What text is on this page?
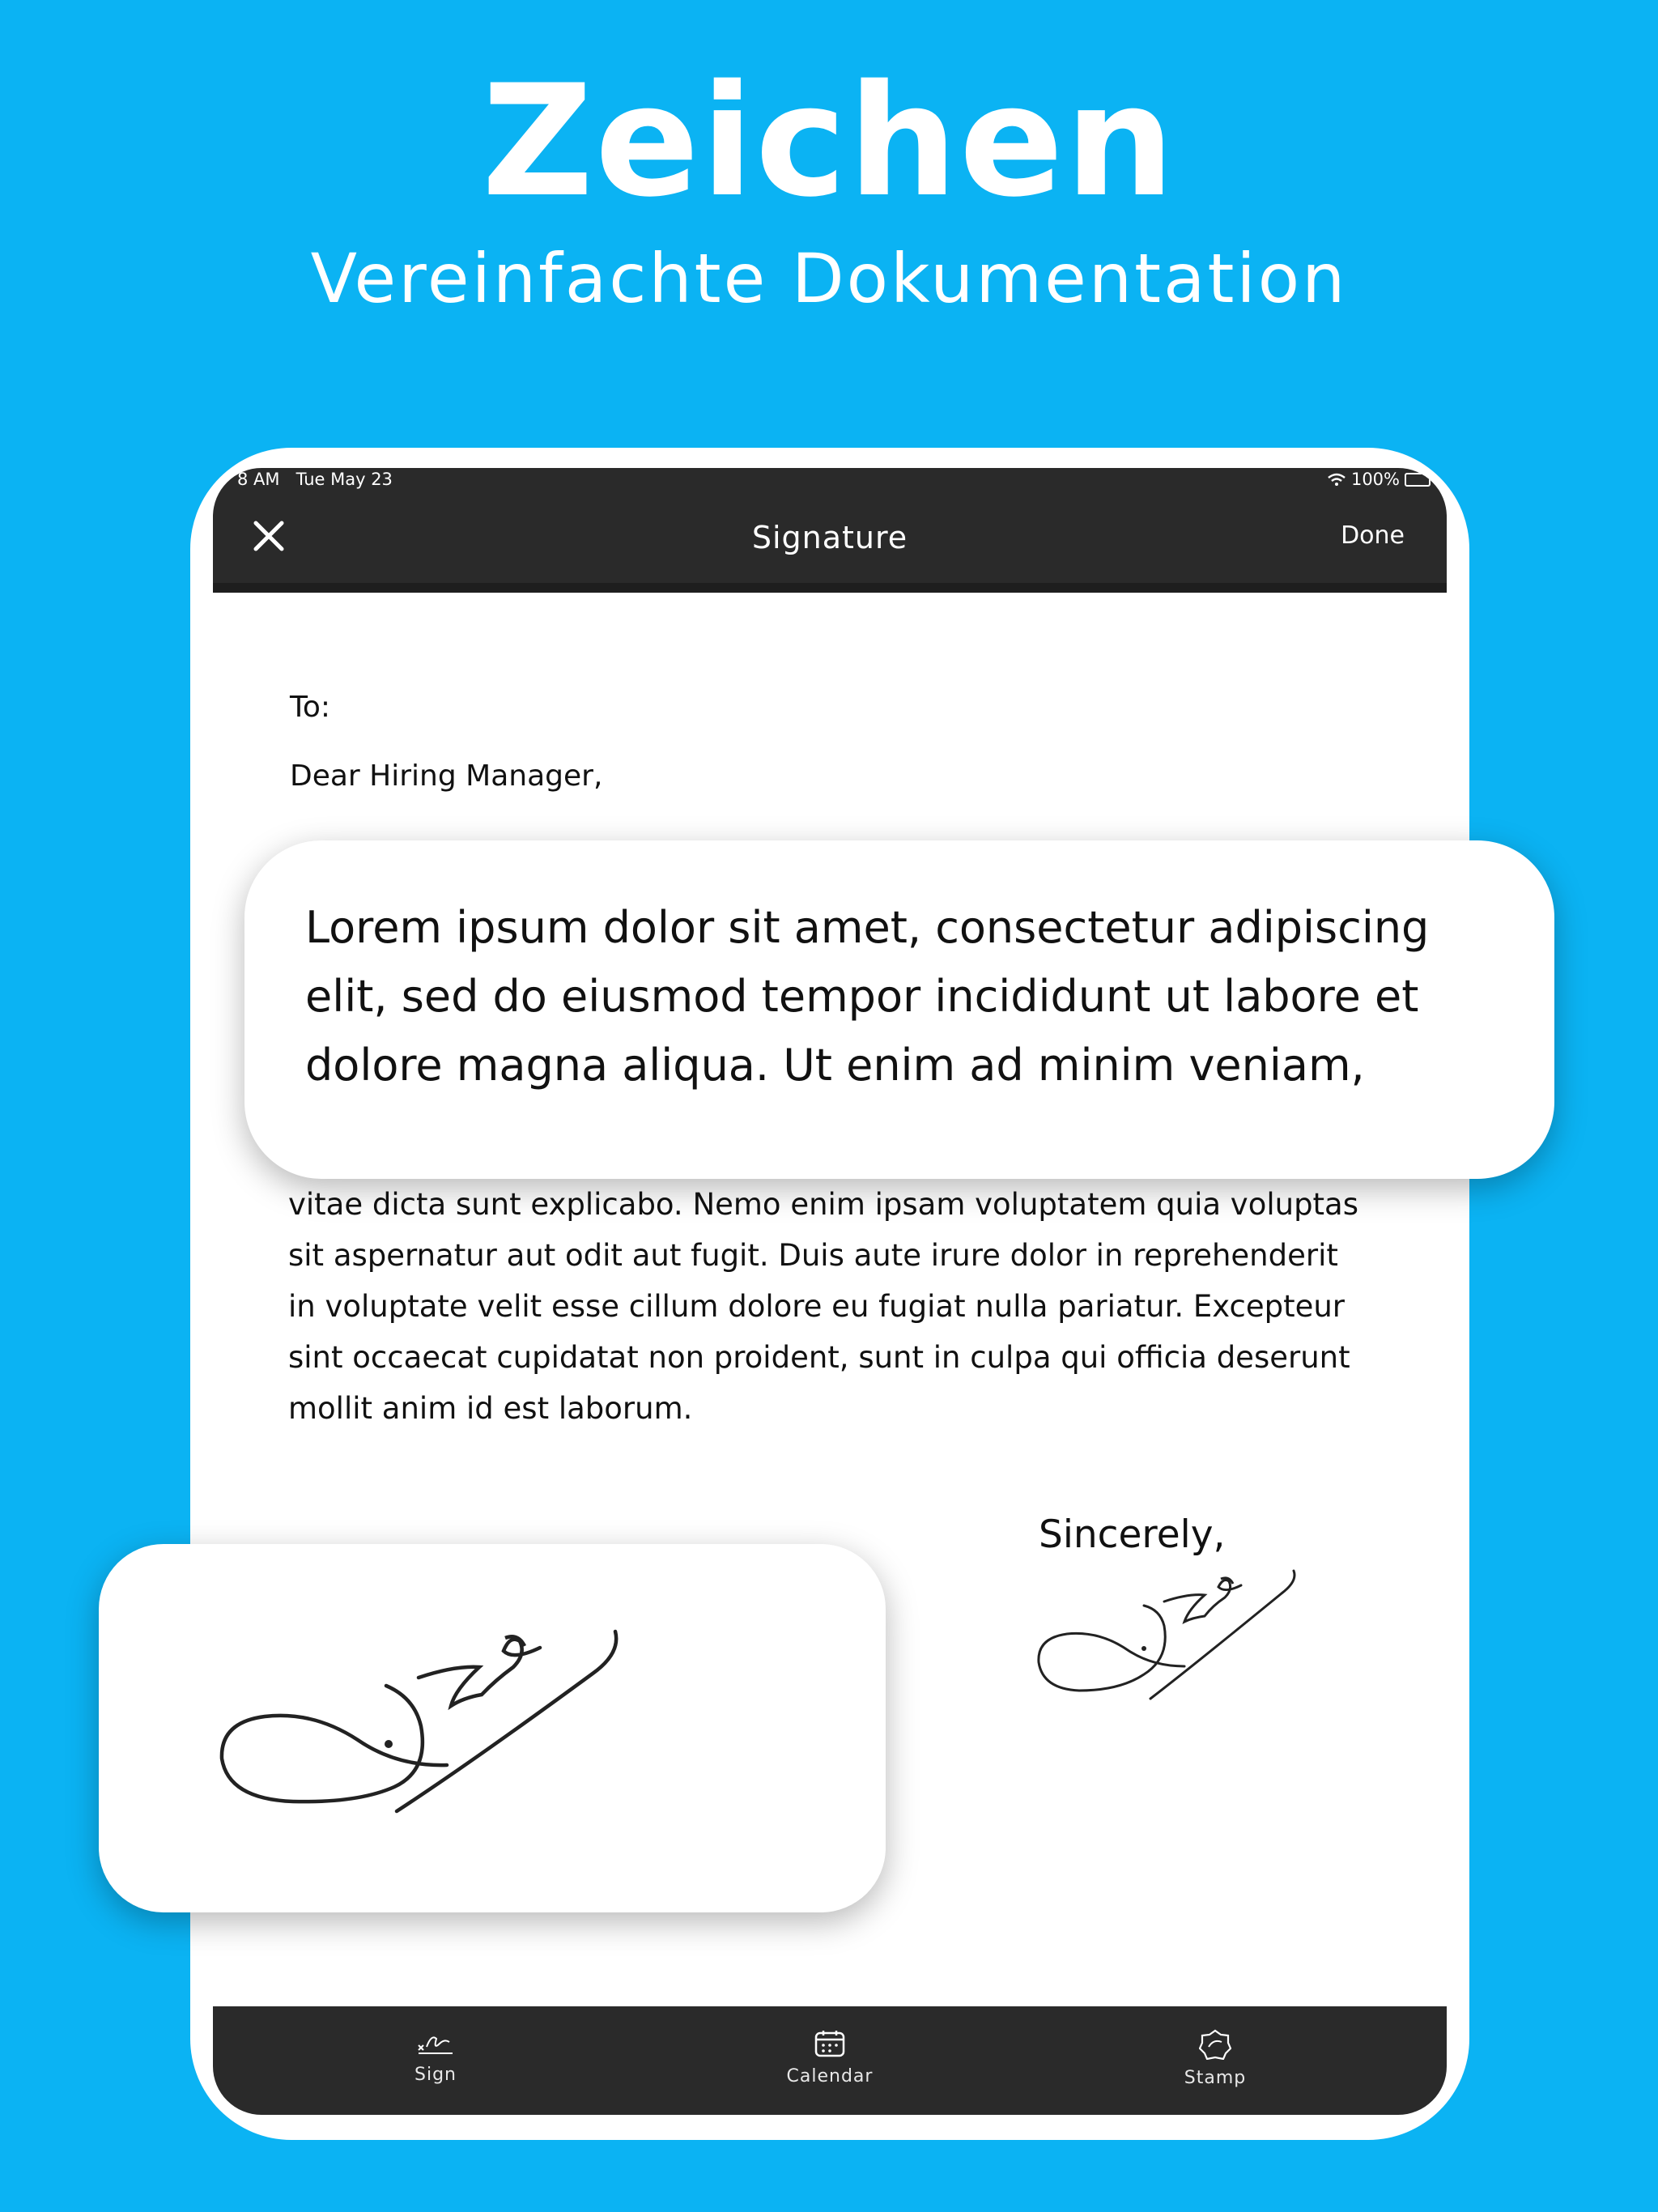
Zeichen
Vereinfachte Dokumentation
8 AM Tue May 23	100%
Signature	Done
To:
Dear Hiring Manager,
vitae dicta sunt explicabo. Nemo enim ipsam voluptatem quia voluptas sit aspernatur aut odit aut fugit. Duis aute irure dolor in reprehenderit in voluptate velit esse cillum dolore eu fugiat nulla pariatur. Excepteur sint occaecat cupidatat non proident, sunt in culpa qui officia deserunt mollit anim id est laborum.
Sincerely,
Sign	Calendar	Stamp
Lorem ipsum dolor sit amet, consectetur adipiscing elit, sed do eiusmod tempor incididunt ut labore et dolore magna aliqua. Ut enim ad minim veniam,
